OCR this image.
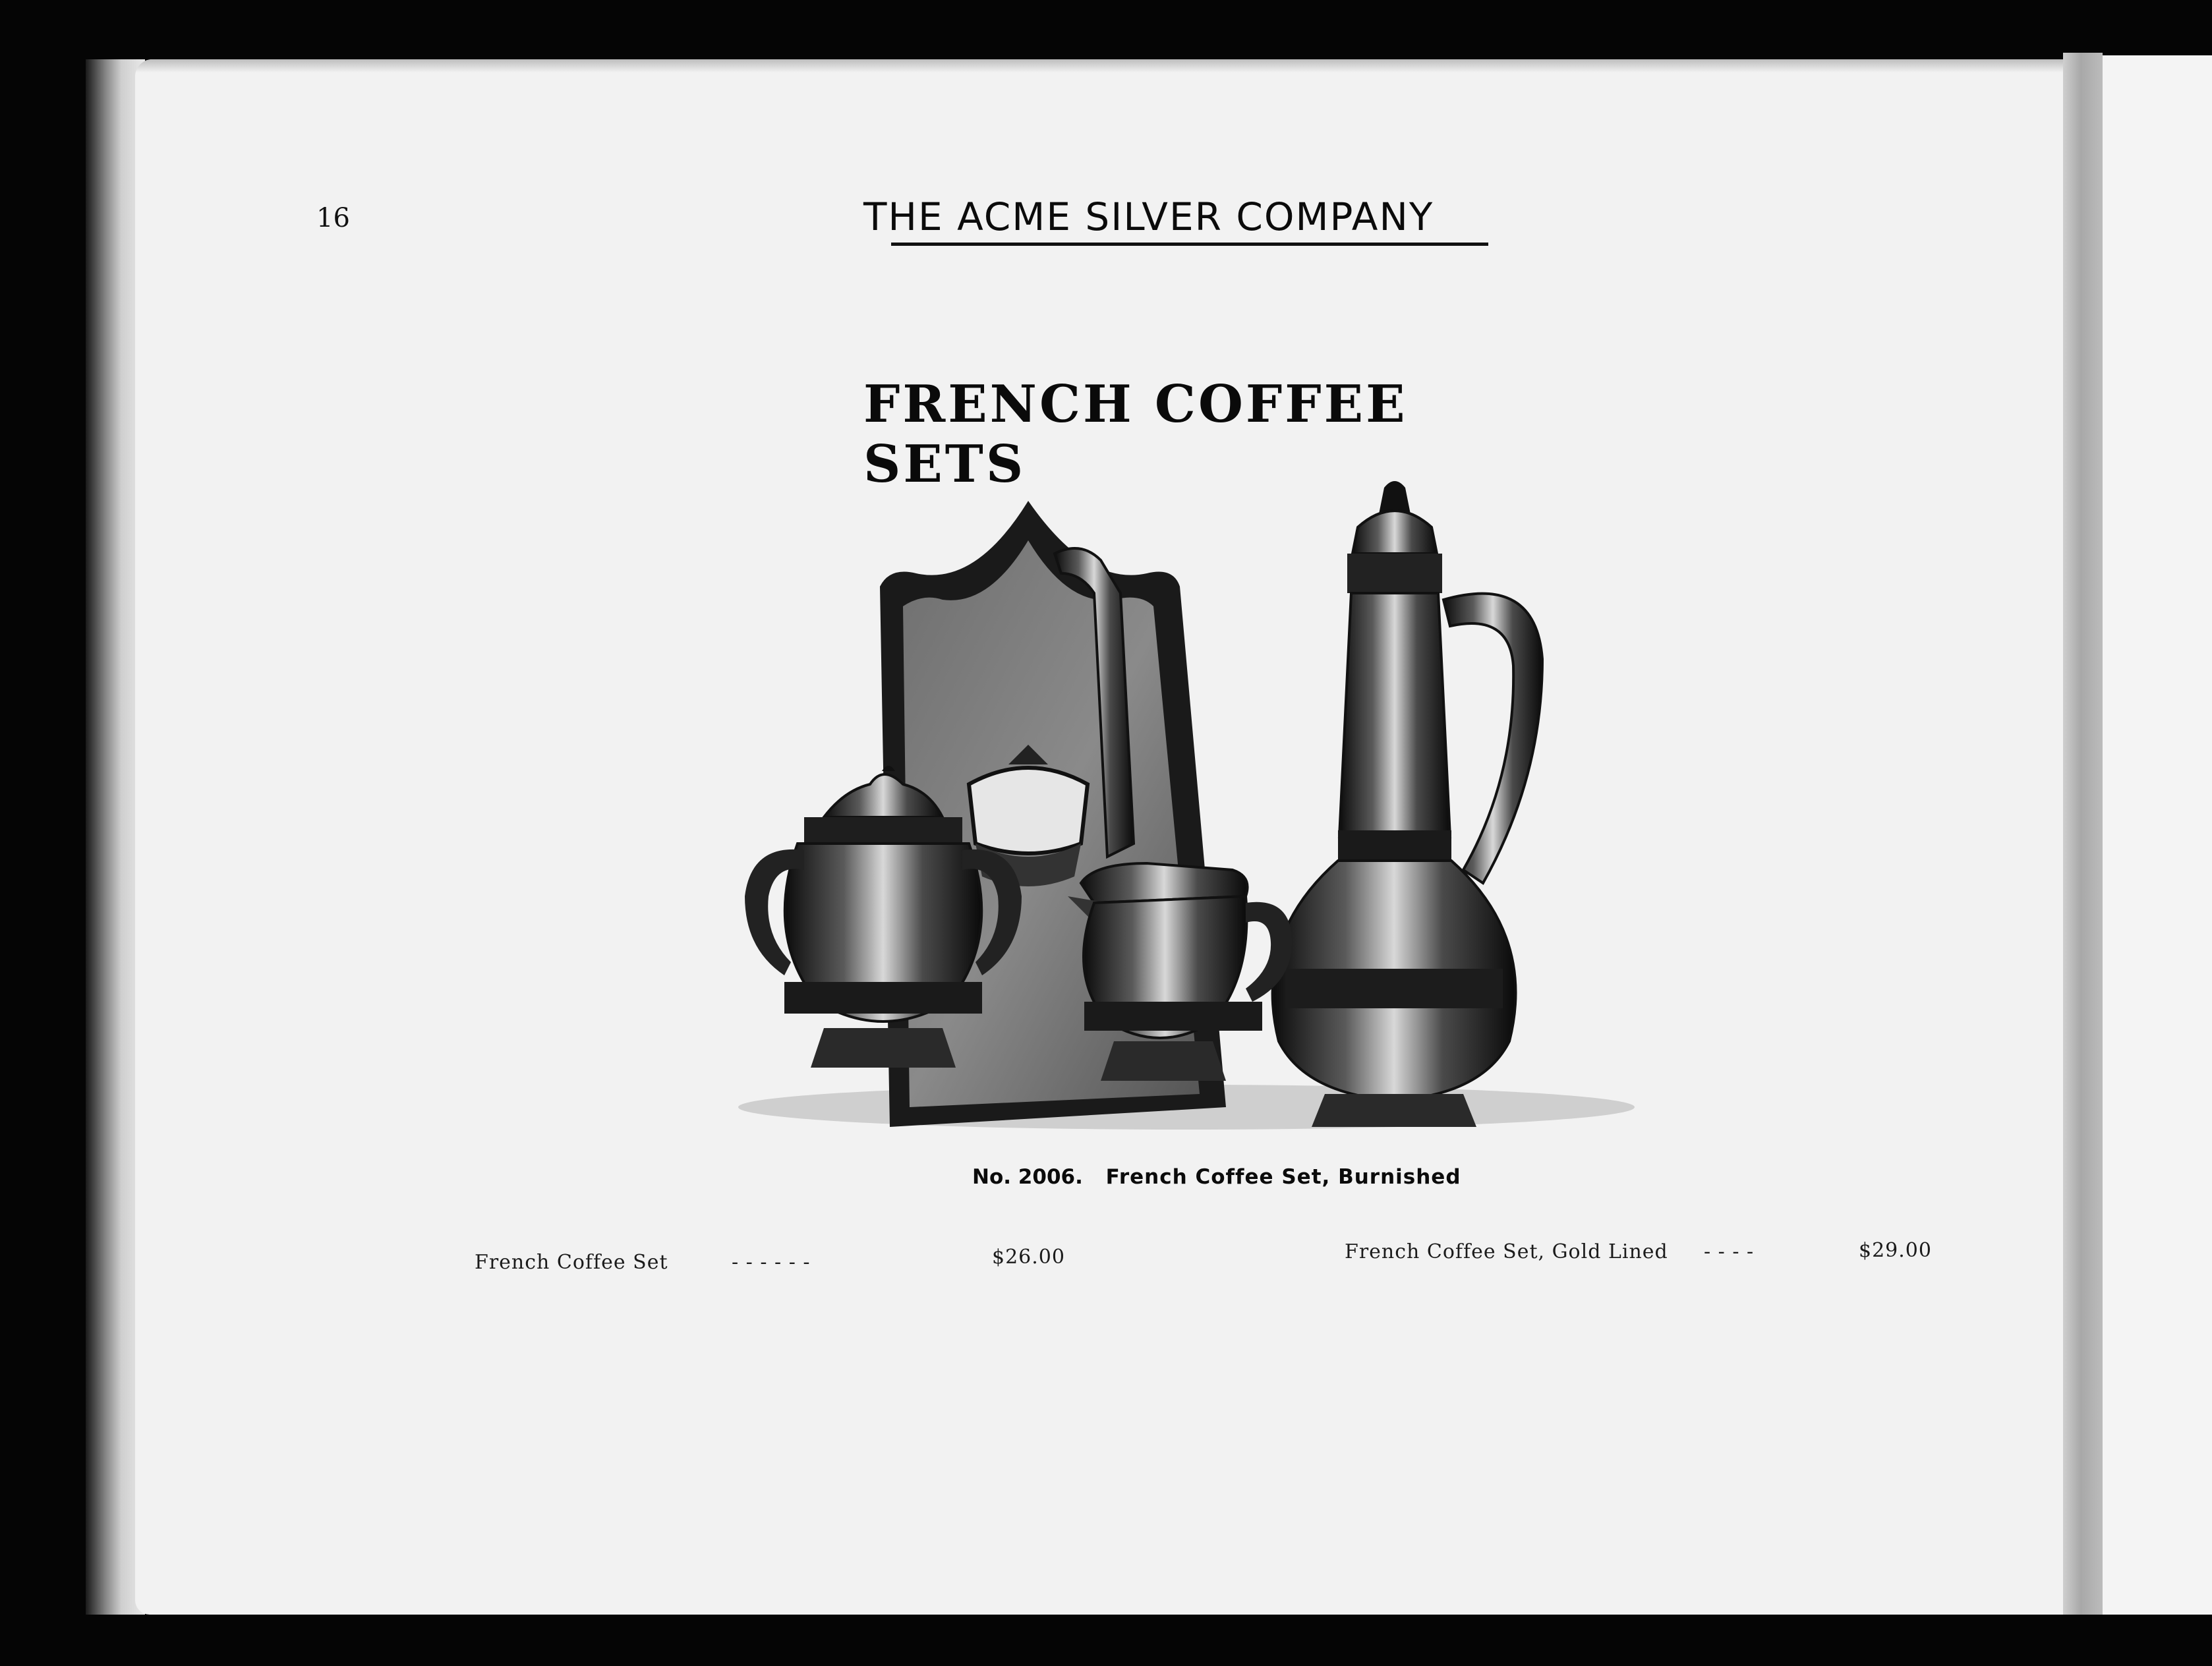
16	THE ACME SILVER COMPANY
FRENCH COFFEE SETS
No. 2006. French Coffee Set, Burnished
French Coffee Set	- - - - - -	$26.00	French Coffee Set, Gold Lined - - - -	$29.00
